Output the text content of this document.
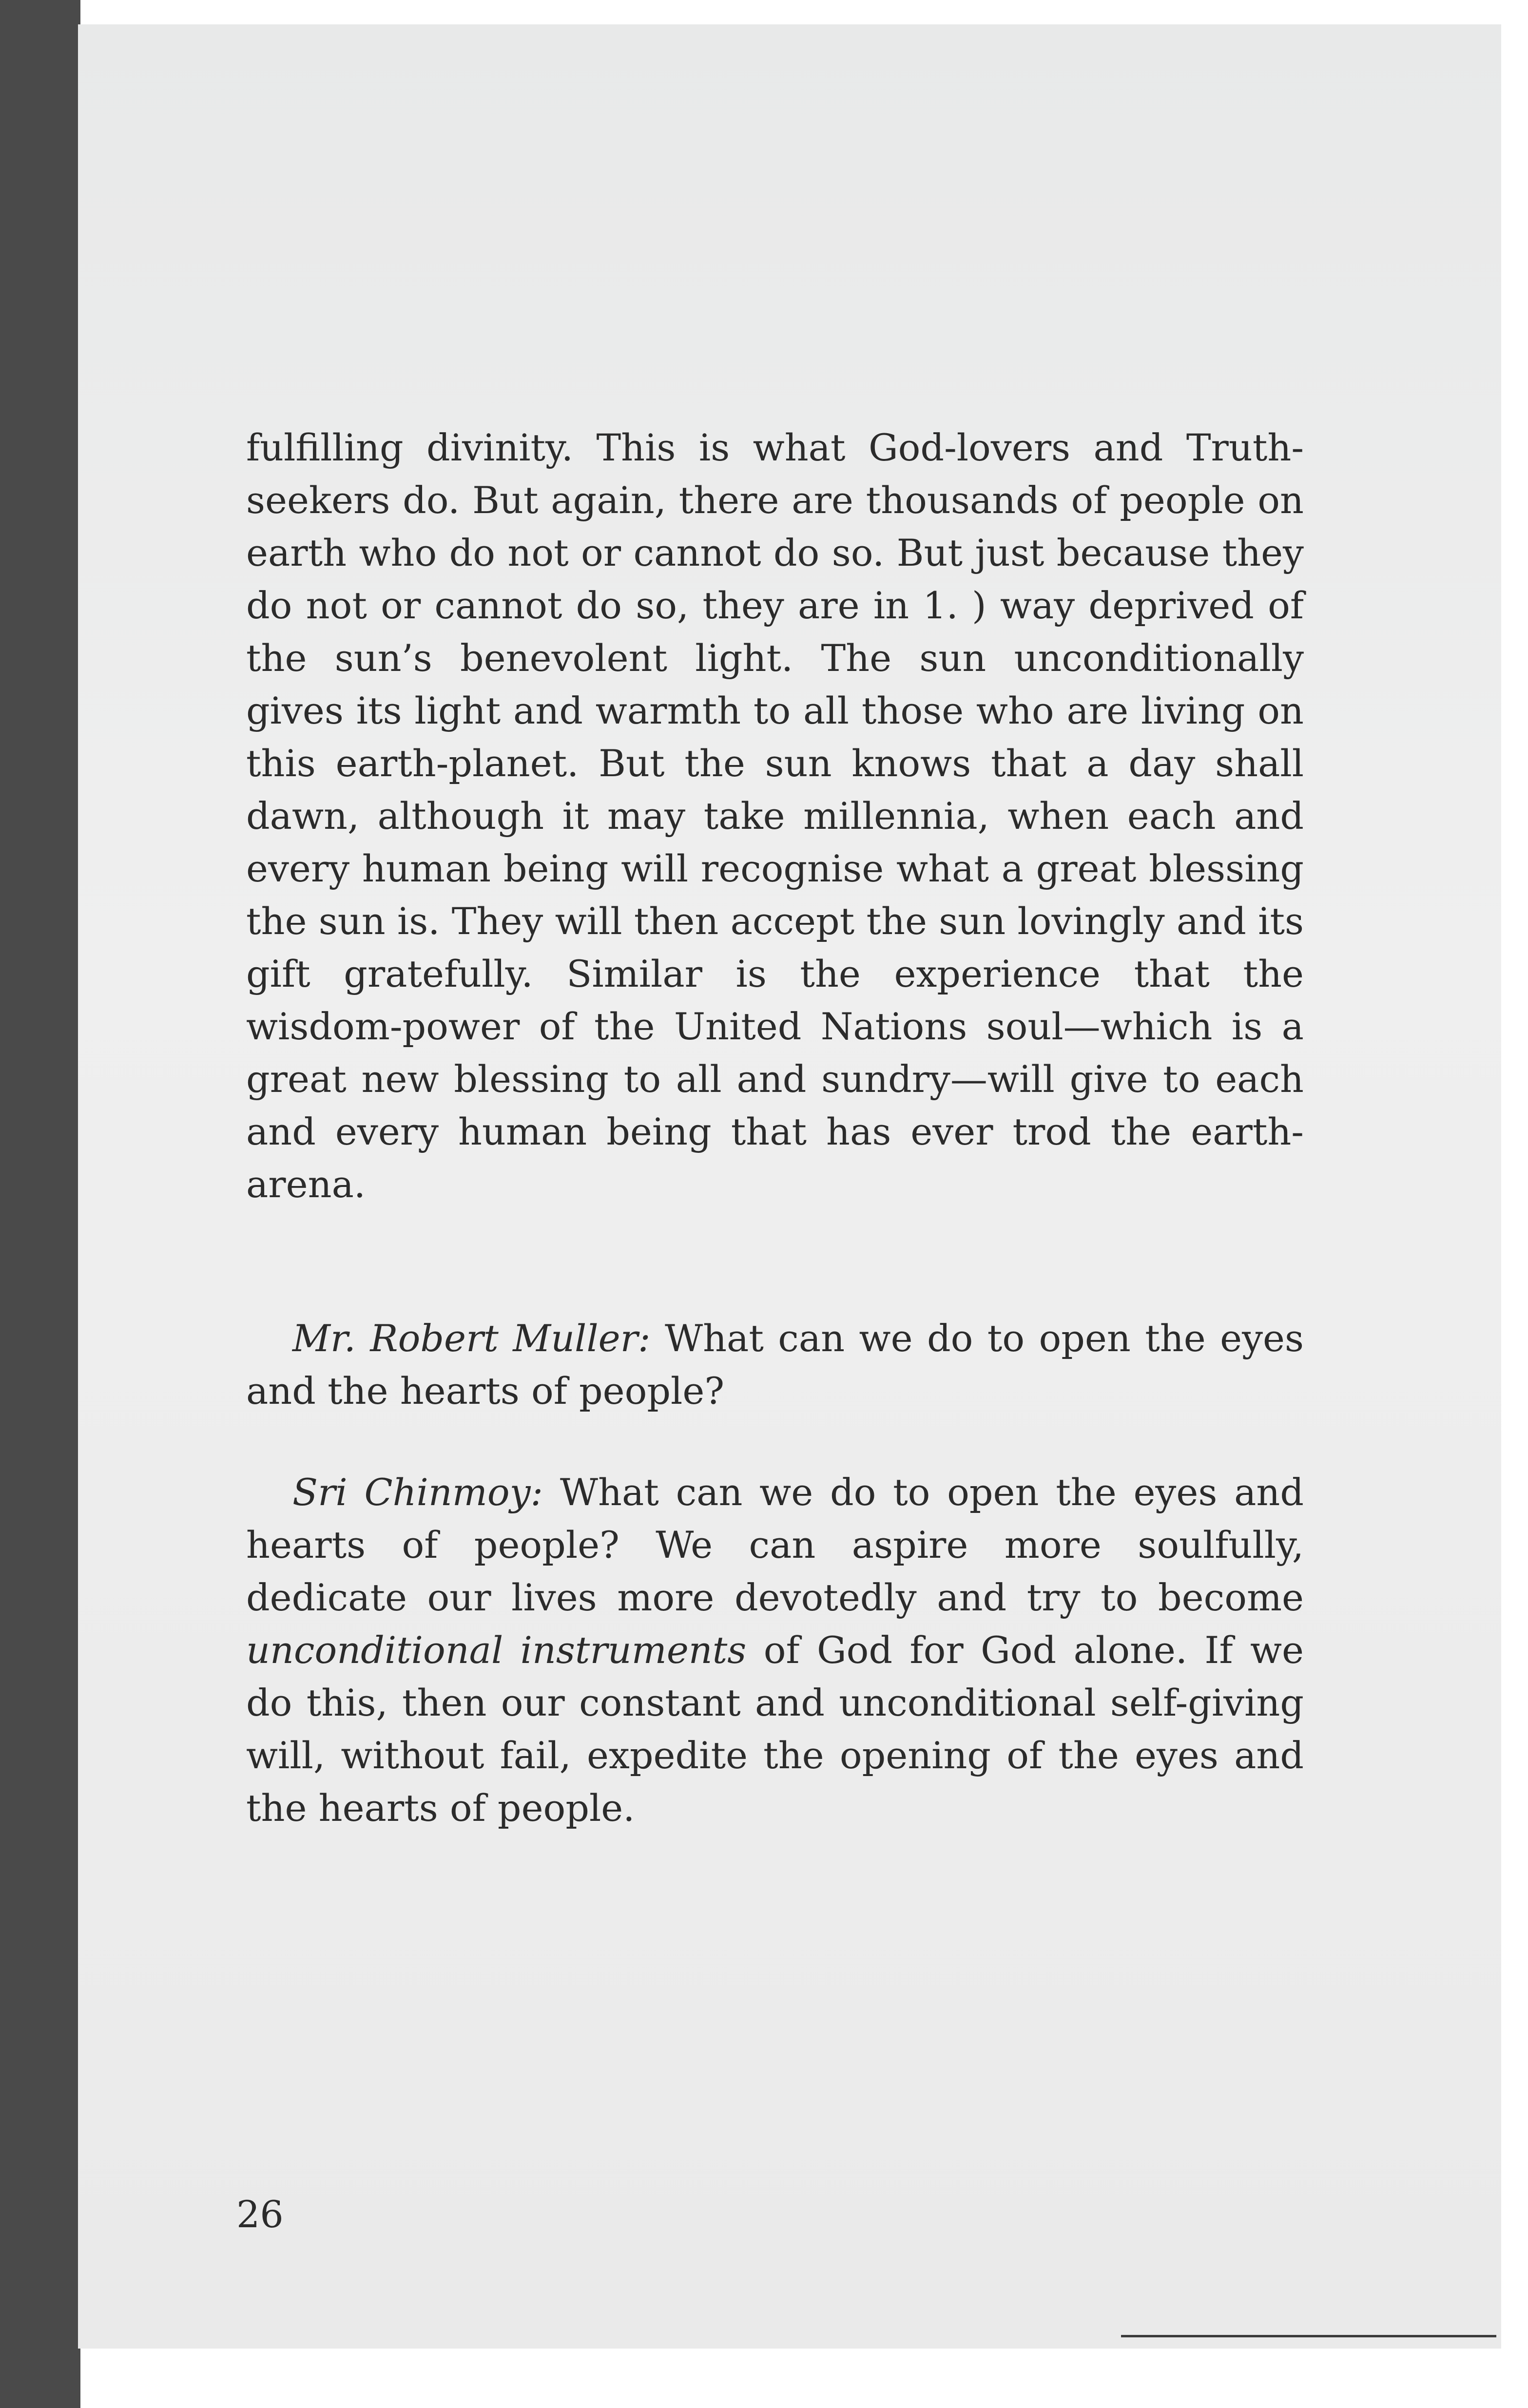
fulfilling divinity. This is what God-lovers and Truth-seekers do. But again, there are thousands of people on earth who do not or cannot do so. But just because they do not or cannot do so, they are in 1. ) way deprived of the sun’s benevolent light. The sun unconditionally gives its light and warmth to all those who are living on this earth-planet. But the sun knows that a day shall dawn, although it may take millennia, when each and every human being will recognise what a great blessing the sun is. They will then accept the sun lovingly and its gift gratefully. Similar is the experience that the wisdom-power of the United Nations soul—which is a great new blessing to all and sundry—will give to each and every human being that has ever trod the earth-arena.

Mr. Robert Muller: What can we do to open the eyes and the hearts of people?

Sri Chinmoy: What can we do to open the eyes and hearts of people? We can aspire more soulfully, dedicate our lives more devotedly and try to become unconditional instruments of God for God alone. If we do this, then our constant and unconditional self-giving will, without fail, expedite the opening of the eyes and the hearts of people.

26
